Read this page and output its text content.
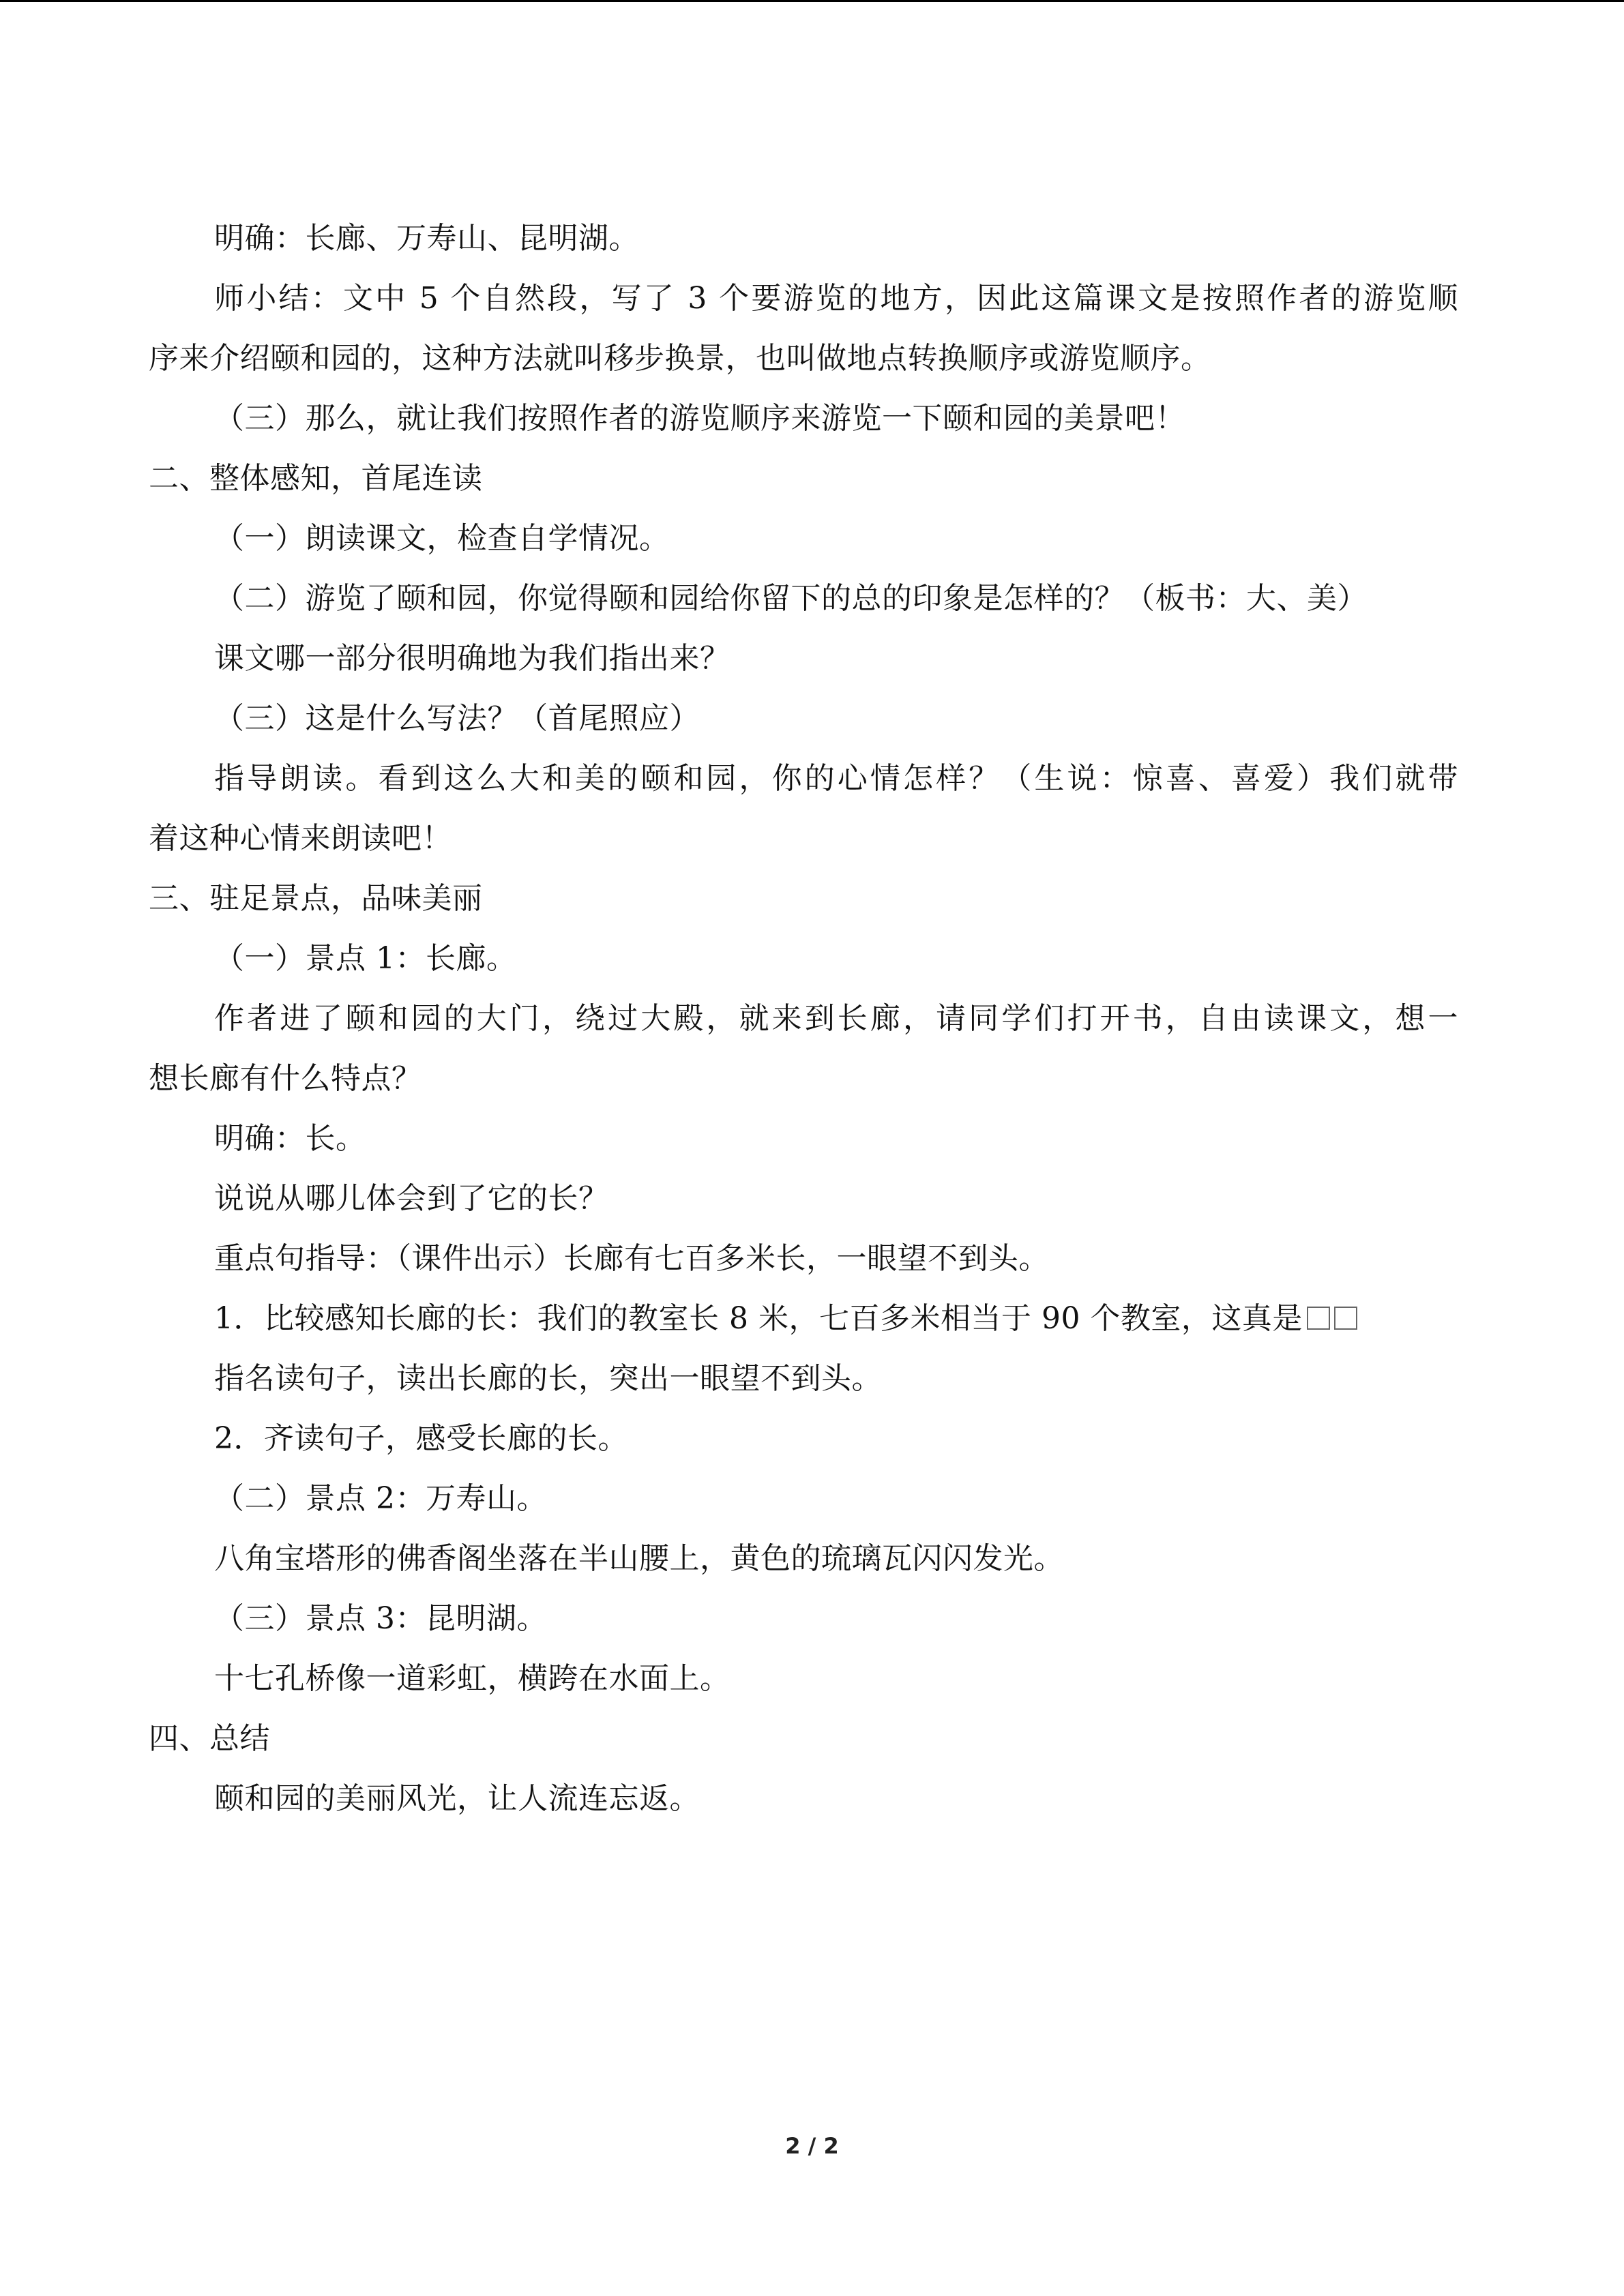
明确：长廊、万寿山、昆明湖。
师小结：文中 5 个自然段，写了 3 个要游览的地方，因此这篇课文是按照作者的游览顺
序来介绍颐和园的，这种方法就叫移步换景，也叫做地点转换顺序或游览顺序。
（三）那么，就让我们按照作者的游览顺序来游览一下颐和园的美景吧！
二、整体感知，首尾连读
（一）朗读课文，检查自学情况。
（二）游览了颐和园，你觉得颐和园给你留下的总的印象是怎样的？（板书：大、美）
课文哪一部分很明确地为我们指出来？
（三）这是什么写法？（首尾照应）
指导朗读。看到这么大和美的颐和园，你的心情怎样？（生说：惊喜、喜爱）我们就带
着这种心情来朗读吧！
三、驻足景点，品味美丽
（一）景点 1：长廊。
作者进了颐和园的大门，绕过大殿，就来到长廊，请同学们打开书，自由读课文，想一
想长廊有什么特点？
明确：长。
说说从哪儿体会到了它的长？
重点句指导：（课件出示）长廊有七百多米长，一眼望不到头。
1．比较感知长廊的长：我们的教室长 8 米，七百多米相当于 90 个教室，这真是
指名读句子，读出长廊的长，突出一眼望不到头。
2．齐读句子，感受长廊的长。
（二）景点 2：万寿山。
八角宝塔形的佛香阁坐落在半山腰上，黄色的琉璃瓦闪闪发光。
（三）景点 3：昆明湖。
十七孔桥像一道彩虹，横跨在水面上。
四、总结
颐和园的美丽风光，让人流连忘返。
2 / 2
